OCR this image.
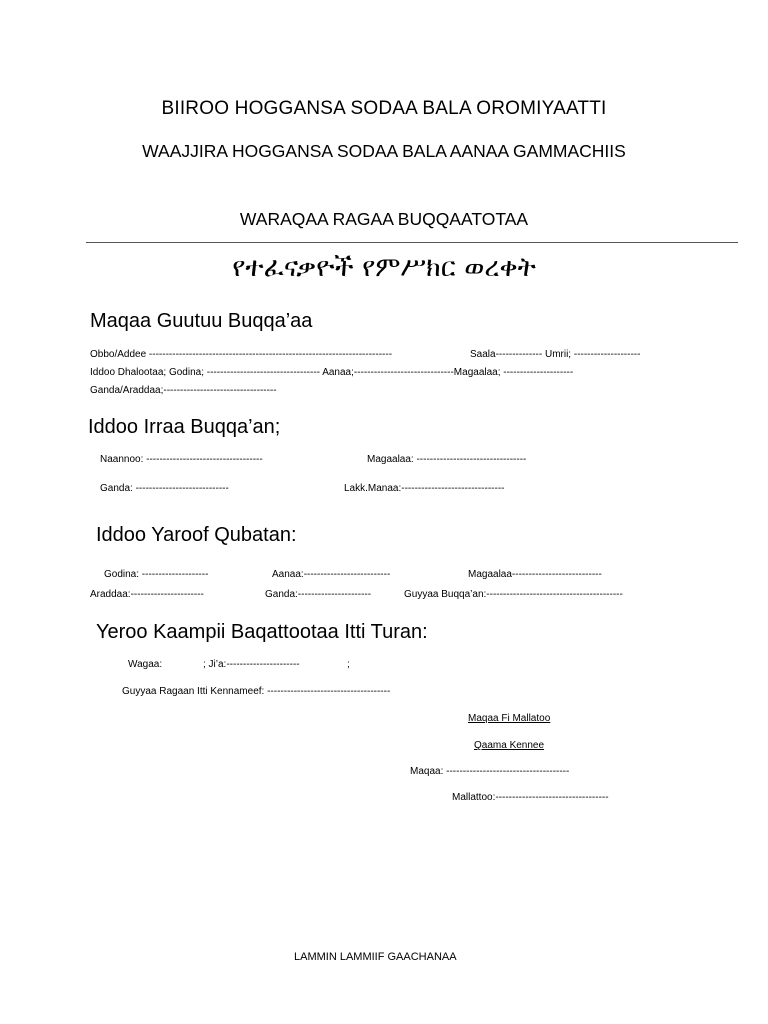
BIIROO HOGGANSA SODAA BALA OROMIYAATTI
WAAJJIRA HOGGANSA SODAA BALA AANAA GAMMACHIIS
WARAQAA RAGAA BUQQAATOTAA
የተፈናቃዮች የምሥክር ወረቀት
Maqaa Guutuu Buqqa’aa
Obbo/Addee -------------------------------------------------------------------------	Saala-------------- Umrii; --------------------
Iddoo Dhalootaa; Godina; ---------------------------------- Aanaa;------------------------------Magaalaa; ---------------------
Ganda/Araddaa;----------------------------------
Iddoo Irraa Buqqa’an;
Naannoo: -----------------------------------	Magaalaa: ---------------------------------
Ganda: ----------------------------	Lakk.Manaa:-------------------------------
Iddoo Yaroof Qubatan:
Godina: --------------------	Aanaa:--------------------------	Magaalaa---------------------------
Araddaa:----------------------	Ganda:----------------------	Guyyaa Buqqa’an:-----------------------------------------
Yeroo Kaampii Baqattootaa Itti Turan:
Wagaa:	; Ji’a:----------------------	;
Guyyaa Ragaan Itti Kennameef: -------------------------------------
Maqaa Fi Mallatoo
Qaama Kennee
Maqaa: -------------------------------------
Mallattoo:----------------------------------
LAMMIN LAMMIIF GAACHANAA
